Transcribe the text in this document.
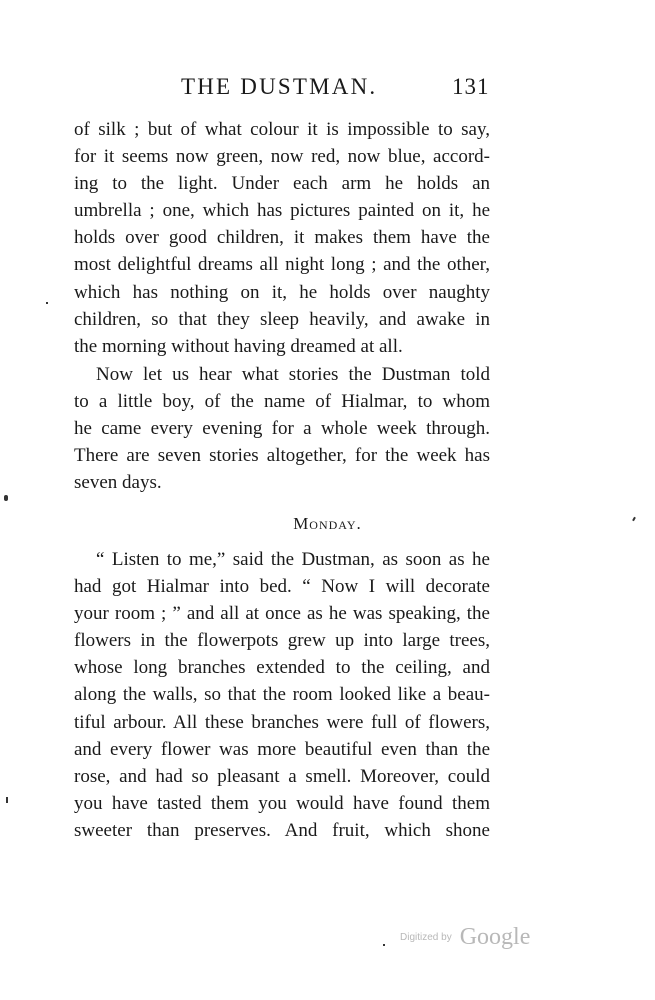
THE DUSTMAN.	131
of silk ; but of what colour it is impossible to say,
for it seems now green, now red, now blue, accord-
ing to the light. Under each arm he holds an
umbrella ; one, which has pictures painted on it, he
holds over good children, it makes them have the
most delightful dreams all night long ; and the other,
which has nothing on it, he holds over naughty
children, so that they sleep heavily, and awake in
the morning without having dreamed at all.
Now let us hear what stories the Dustman told
to a little boy, of the name of Hialmar, to whom
he came every evening for a whole week through.
There are seven stories altogether, for the week has
seven days.
Monday.
“ Listen to me,” said the Dustman, as soon as he
had got Hialmar into bed. “ Now I will decorate
your room ; ” and all at once as he was speaking, the
flowers in the flowerpots grew up into large trees,
whose long branches extended to the ceiling, and
along the walls, so that the room looked like a beau-
tiful arbour. All these branches were full of flowers,
and every flower was more beautiful even than the
rose, and had so pleasant a smell. Moreover, could
you have tasted them you would have found them
sweeter than preserves. And fruit, which shone
Digitized by Google
